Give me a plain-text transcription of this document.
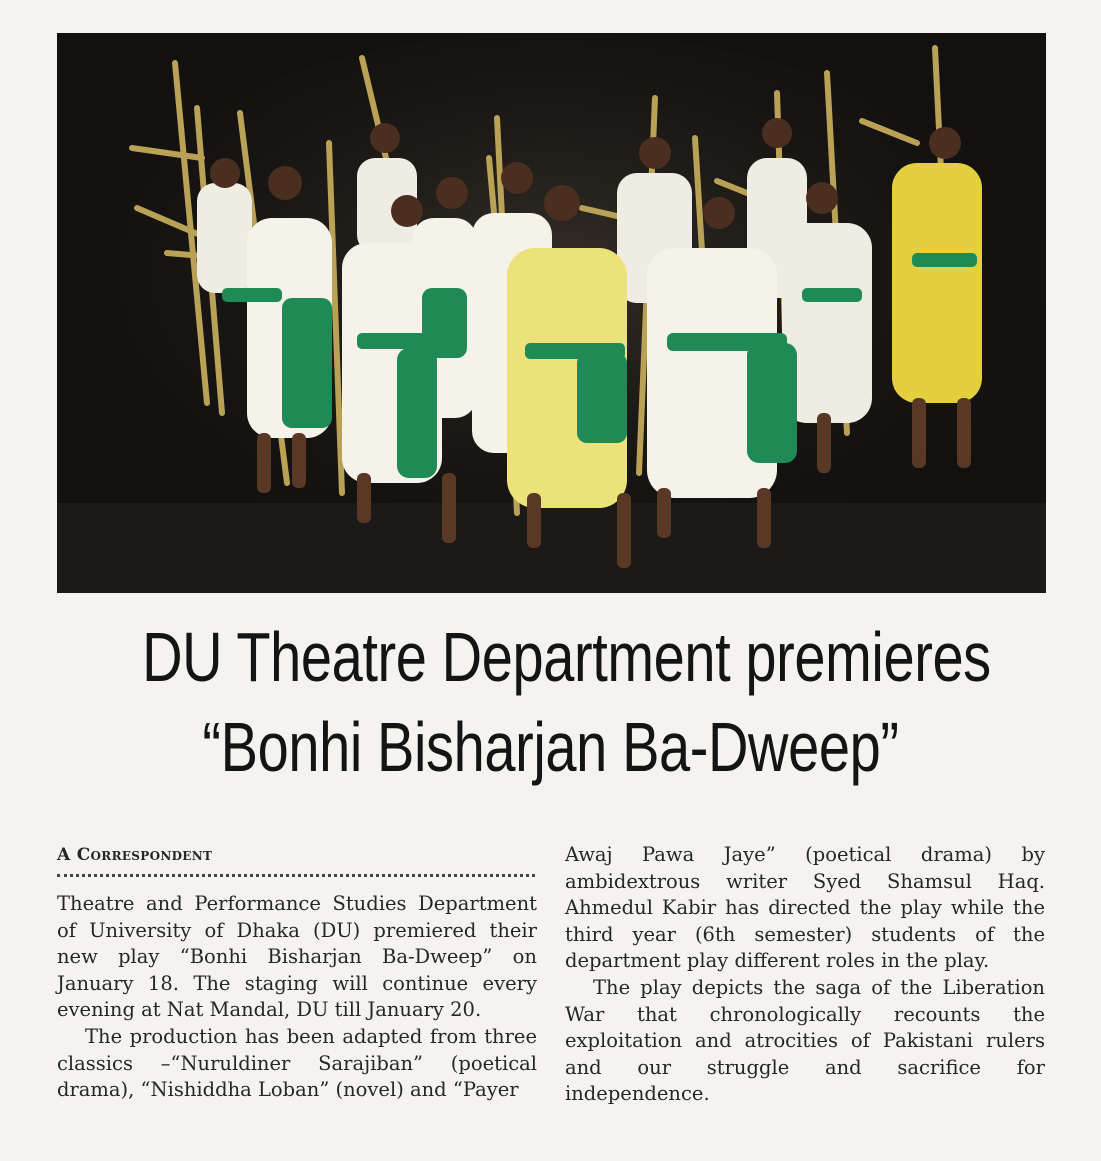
DU Theatre Department premieres
“Bonhi Bisharjan Ba-Dweep”
A Correspondent

Theatre and Performance Studies Department of University of Dhaka (DU) premiered their new play “Bonhi Bisharjan Ba-Dweep” on January 18. The staging will continue every evening at Nat Mandal, DU till January 20.

The production has been adapted from three classics –“Nuruldiner Sarajiban” (poetical drama), “Nishiddha Loban” (novel) and “Payer

Awaj Pawa Jaye” (poetical drama) by ambidextrous writer Syed Shamsul Haq. Ahmedul Kabir has directed the play while the third year (6th semester) students of the department play different roles in the play.

The play depicts the saga of the Liberation War that chronologically recounts the exploitation and atrocities of Pakistani rulers and our struggle and sacrifice for independence.
